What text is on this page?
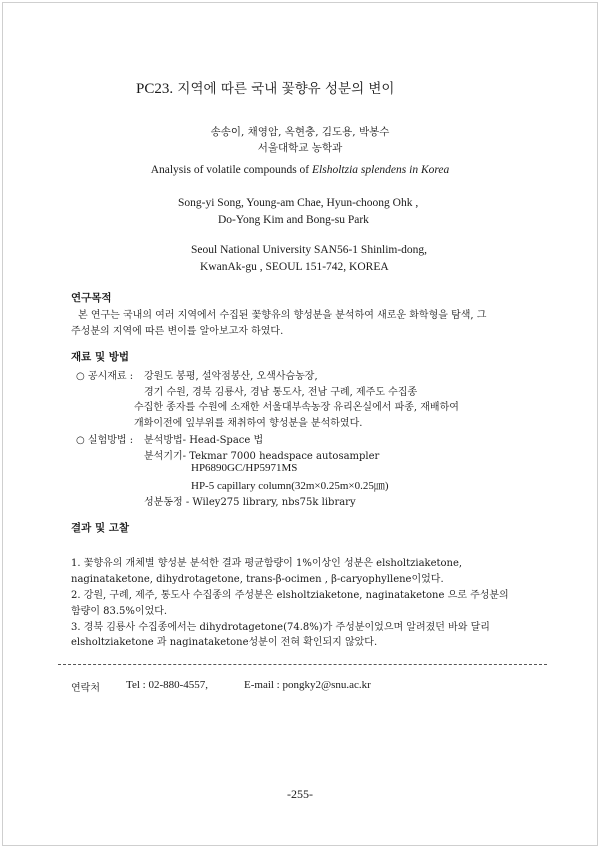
PC23. 지역에 따른 국내 꽃향유 성분의 변이
송송이, 채영암, 옥현충, 김도용, 박봉수
서울대학교 농학과
Analysis of volatile compounds of Elsholtzia splendens in Korea
Song-yi Song, Young-am Chae, Hyun-choong Ohk ,
Do-Yong Kim and Bong-su Park
Seoul National University SAN56-1 Shinlim-dong,
KwanAk-gu , SEOUL 151-742, KOREA
연구목적
본 연구는 국내의 여러 지역에서 수집된 꽃향유의 향성분을 분석하여 새로운 화학형을 탐색, 그
주성분의 지역에 따른 변이를 알아보고자 하였다.
재료 및 방법
○ 공시재료 : 강원도 봉평, 설악점봉산, 오색사슴농장,
경기 수원, 경북 김룡사, 경남 통도사, 전남 구례, 제주도 수집종
수집한 종자를 수원에 소재한 서울대부속농장 유리온실에서 파종, 재배하여
개화이전에 잎부위를 채취하여 향성분을 분석하였다.
○ 실험방법 : 분석방법- Head-Space 법
분석기기- Tekmar 7000 headspace autosampler
HP6890GC/HP5971MS
HP-5 capillary column(32m×0.25m×0.25㎛)
성분동정 - Wiley275 library, nbs75k library
결과 및 고찰
1. 꽃향유의 개체별 향성분 분석한 결과 평균함량이 1%이상인 성분은 elsholtziaketone,
naginataketone, dihydrotagetone, trans-β-ocimen , β-caryophyllene이었다.
2. 강원, 구례, 제주, 통도사 수집종의 주성분은 elsholtziaketone, naginataketone 으로 주성분의
함량이 83.5%이었다.
3. 경북 김룡사 수집종에서는 dihydrotagetone(74.8%)가 주성분이었으며 알려졌던 바와 달리
elsholtziaketone 과 naginataketone성분이 전혀 확인되지 않았다.
연락처 Tel : 02-880-4557,	E-mail : pongky2@snu.ac.kr
-255-
